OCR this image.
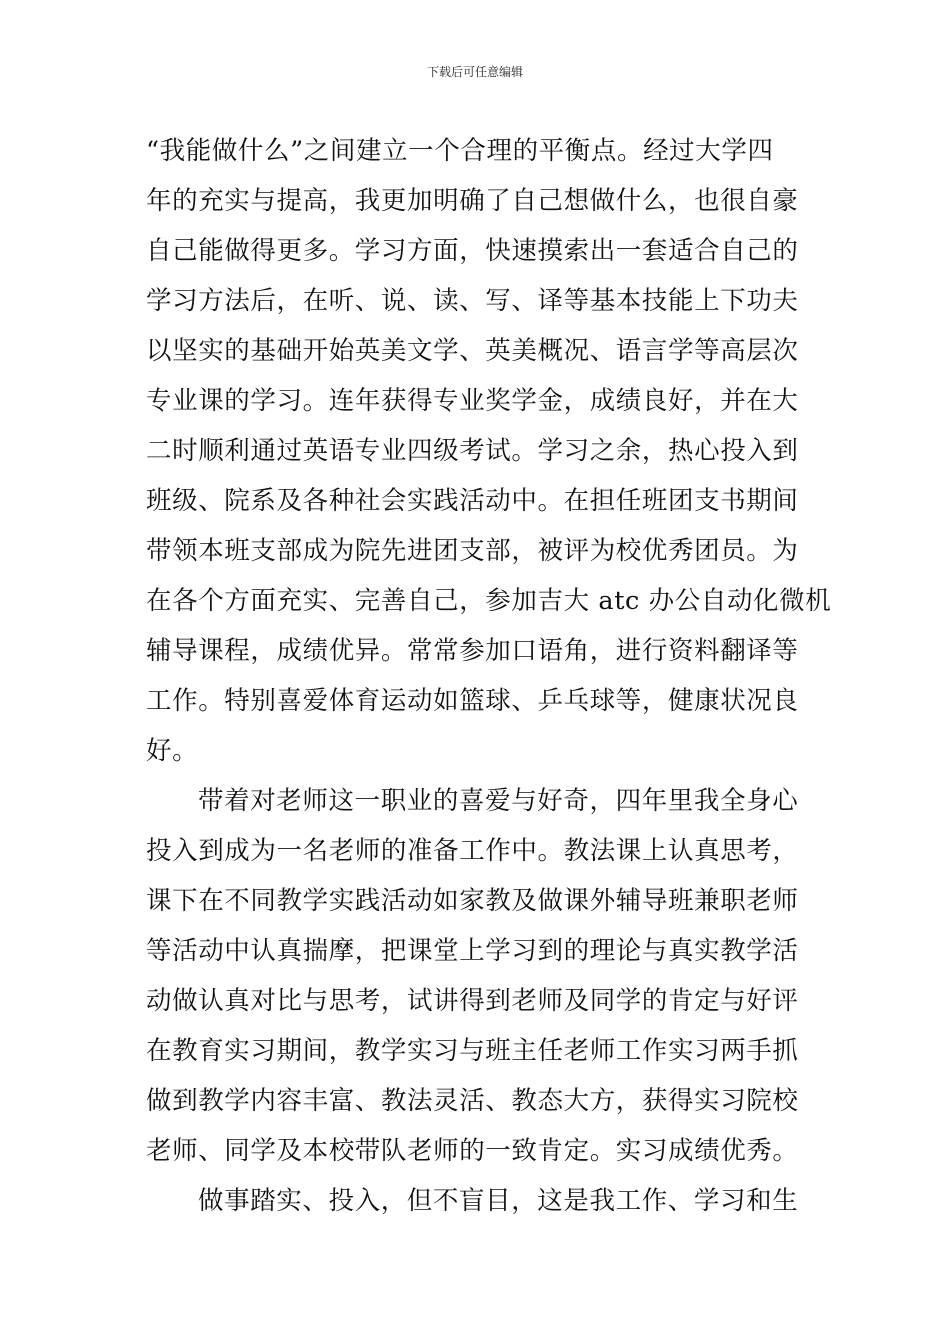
下载后可任意编辑
“我能做什么”之间建立一个合理的平衡点。经过大学四
年的充实与提高，我更加明确了自己想做什么，也很自豪
自己能做得更多。学习方面，快速摸索出一套适合自己的
学习方法后，在听、说、读、写、译等基本技能上下功夫
以坚实的基础开始英美文学、英美概况、语言学等高层次
专业课的学习。连年获得专业奖学金，成绩良好，并在大
二时顺利通过英语专业四级考试。学习之余，热心投入到
班级、院系及各种社会实践活动中。在担任班团支书期间
带领本班支部成为院先进团支部，被评为校优秀团员。为
在各个方面充实、完善自己，参加吉大 atc 办公自动化微机
辅导课程，成绩优异。常常参加口语角，进行资料翻译等
工作。特别喜爱体育运动如篮球、乒乓球等，健康状况良
好。
带着对老师这一职业的喜爱与好奇，四年里我全身心
投入到成为一名老师的准备工作中。教法课上认真思考，
课下在不同教学实践活动如家教及做课外辅导班兼职老师
等活动中认真揣摩，把课堂上学习到的理论与真实教学活
动做认真对比与思考，试讲得到老师及同学的肯定与好评
在教育实习期间，教学实习与班主任老师工作实习两手抓
做到教学内容丰富、教法灵活、教态大方，获得实习院校
老师、同学及本校带队老师的一致肯定。实习成绩优秀。
做事踏实、投入，但不盲目，这是我工作、学习和生
